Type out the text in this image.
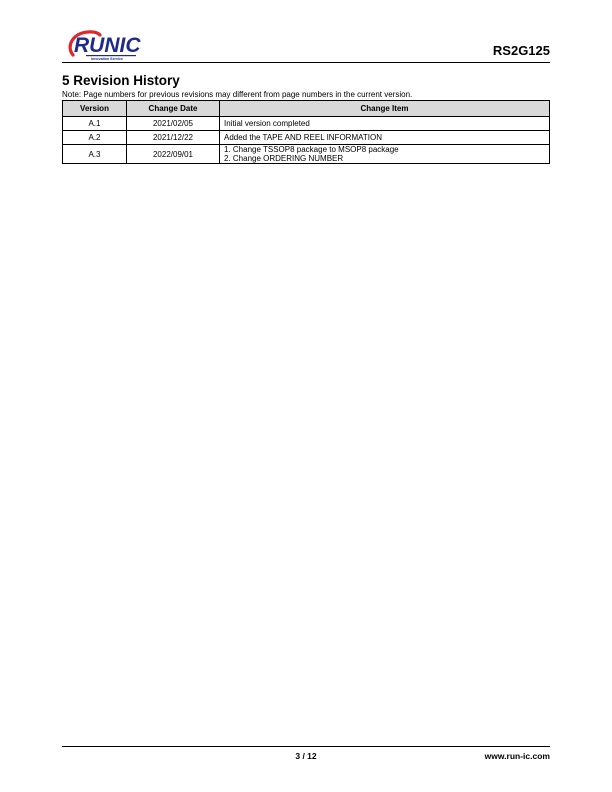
RUNIC
Innovation Service
RS2G125
5 Revision History
Note: Page numbers for previous revisions may different from page numbers in the current version.
Version	Change Date	Change Item
A.1	2021/02/05	Initial version completed

A.2	2021/12/22	Added the TAPE AND REEL INFORMATION

A.3	2022/09/01	1. Change TSSOP8 package to MSOP8 package
2. Change ORDERING NUMBER
3 / 12	www.run-ic.com
